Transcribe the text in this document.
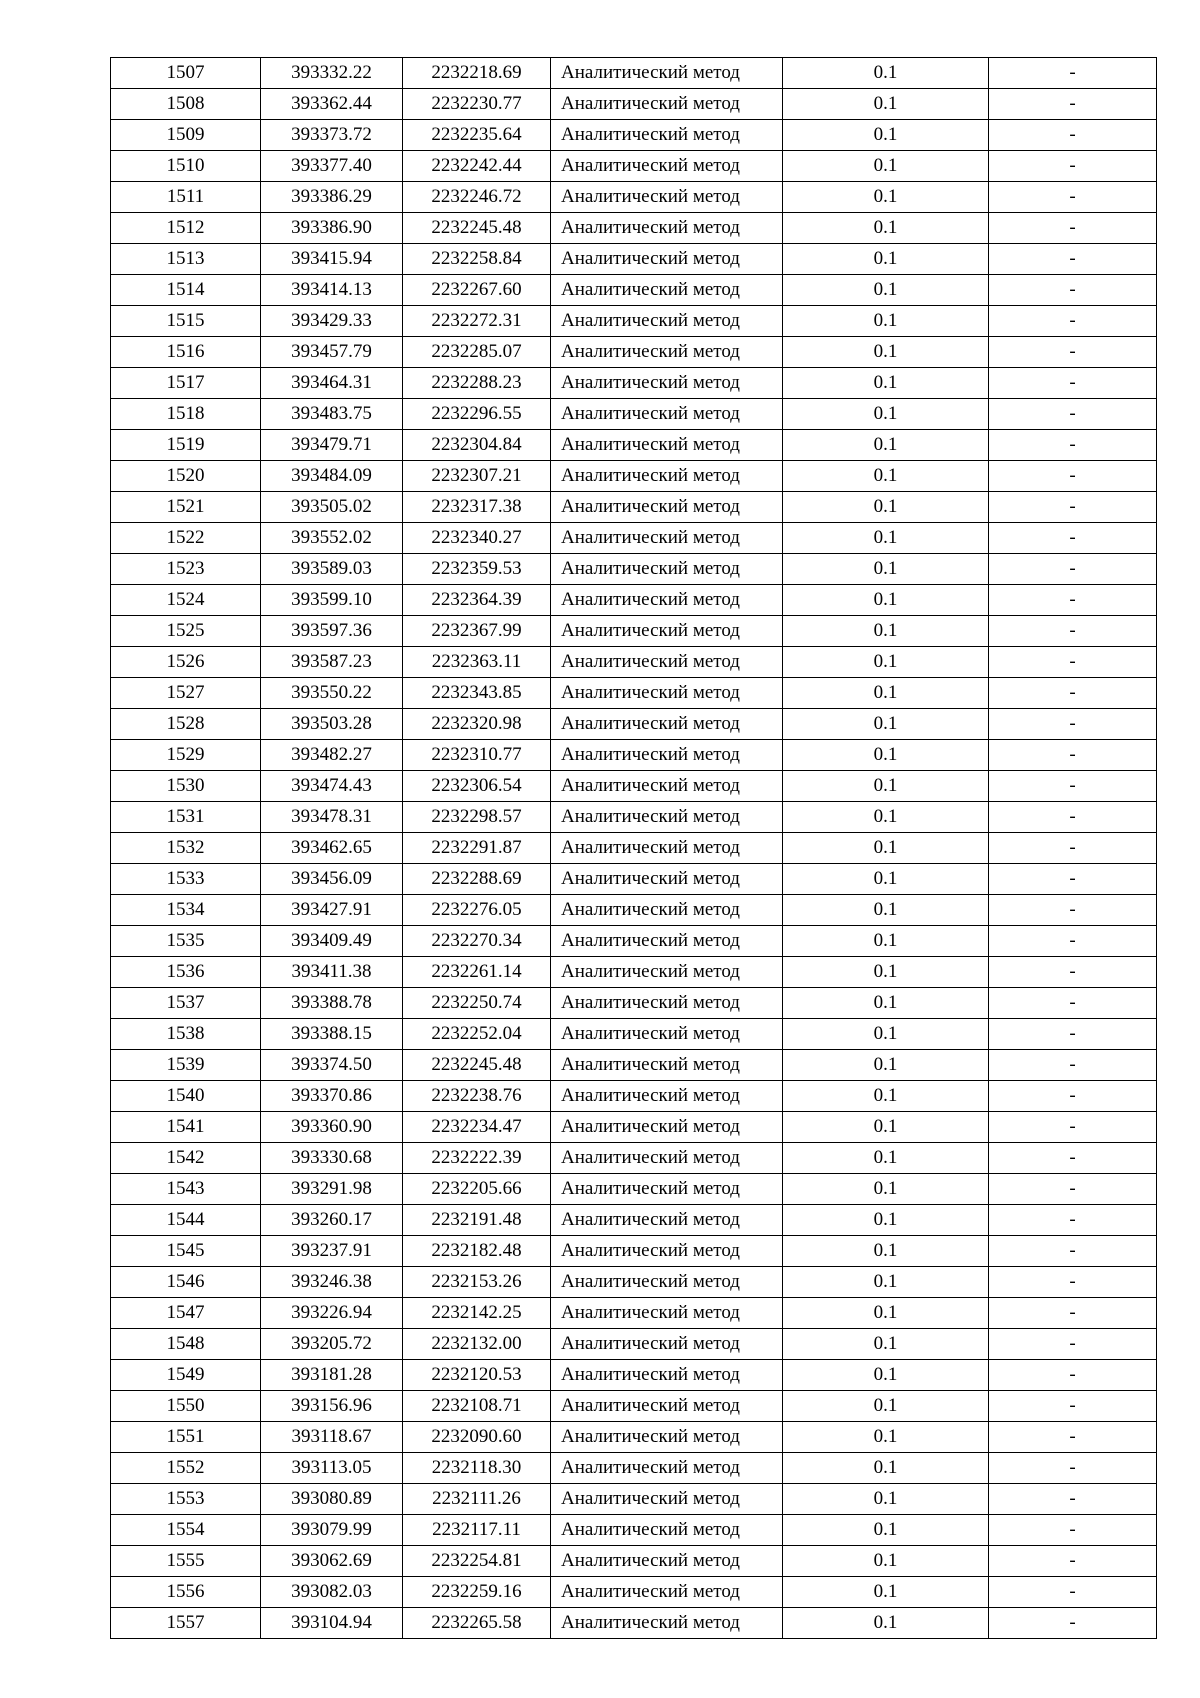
1507	393332.22	2232218.69	Аналитический метод	0.1	-
1508	393362.44	2232230.77	Аналитический метод	0.1	-
1509	393373.72	2232235.64	Аналитический метод	0.1	-
1510	393377.40	2232242.44	Аналитический метод	0.1	-
1511	393386.29	2232246.72	Аналитический метод	0.1	-
1512	393386.90	2232245.48	Аналитический метод	0.1	-
1513	393415.94	2232258.84	Аналитический метод	0.1	-
1514	393414.13	2232267.60	Аналитический метод	0.1	-
1515	393429.33	2232272.31	Аналитический метод	0.1	-
1516	393457.79	2232285.07	Аналитический метод	0.1	-
1517	393464.31	2232288.23	Аналитический метод	0.1	-
1518	393483.75	2232296.55	Аналитический метод	0.1	-
1519	393479.71	2232304.84	Аналитический метод	0.1	-
1520	393484.09	2232307.21	Аналитический метод	0.1	-
1521	393505.02	2232317.38	Аналитический метод	0.1	-
1522	393552.02	2232340.27	Аналитический метод	0.1	-
1523	393589.03	2232359.53	Аналитический метод	0.1	-
1524	393599.10	2232364.39	Аналитический метод	0.1	-
1525	393597.36	2232367.99	Аналитический метод	0.1	-
1526	393587.23	2232363.11	Аналитический метод	0.1	-
1527	393550.22	2232343.85	Аналитический метод	0.1	-
1528	393503.28	2232320.98	Аналитический метод	0.1	-
1529	393482.27	2232310.77	Аналитический метод	0.1	-
1530	393474.43	2232306.54	Аналитический метод	0.1	-
1531	393478.31	2232298.57	Аналитический метод	0.1	-
1532	393462.65	2232291.87	Аналитический метод	0.1	-
1533	393456.09	2232288.69	Аналитический метод	0.1	-
1534	393427.91	2232276.05	Аналитический метод	0.1	-
1535	393409.49	2232270.34	Аналитический метод	0.1	-
1536	393411.38	2232261.14	Аналитический метод	0.1	-
1537	393388.78	2232250.74	Аналитический метод	0.1	-
1538	393388.15	2232252.04	Аналитический метод	0.1	-
1539	393374.50	2232245.48	Аналитический метод	0.1	-
1540	393370.86	2232238.76	Аналитический метод	0.1	-
1541	393360.90	2232234.47	Аналитический метод	0.1	-
1542	393330.68	2232222.39	Аналитический метод	0.1	-
1543	393291.98	2232205.66	Аналитический метод	0.1	-
1544	393260.17	2232191.48	Аналитический метод	0.1	-
1545	393237.91	2232182.48	Аналитический метод	0.1	-
1546	393246.38	2232153.26	Аналитический метод	0.1	-
1547	393226.94	2232142.25	Аналитический метод	0.1	-
1548	393205.72	2232132.00	Аналитический метод	0.1	-
1549	393181.28	2232120.53	Аналитический метод	0.1	-
1550	393156.96	2232108.71	Аналитический метод	0.1	-
1551	393118.67	2232090.60	Аналитический метод	0.1	-
1552	393113.05	2232118.30	Аналитический метод	0.1	-
1553	393080.89	2232111.26	Аналитический метод	0.1	-
1554	393079.99	2232117.11	Аналитический метод	0.1	-
1555	393062.69	2232254.81	Аналитический метод	0.1	-
1556	393082.03	2232259.16	Аналитический метод	0.1	-
1557	393104.94	2232265.58	Аналитический метод	0.1	-
